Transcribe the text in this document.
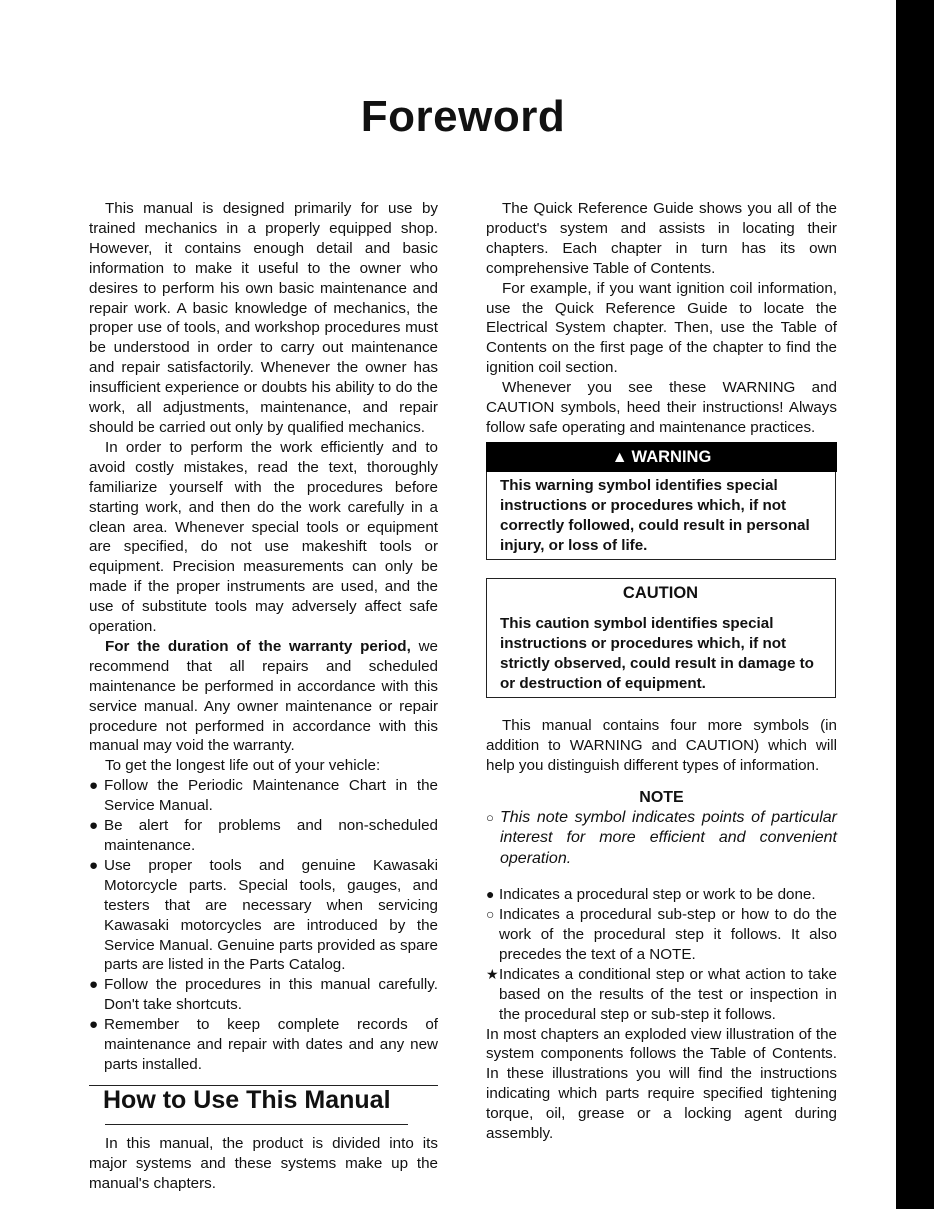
Foreword

This manual is designed primarily for use by trained mechanics in a properly equipped shop. However, it contains enough detail and basic information to make it useful to the owner who desires to perform his own basic maintenance and repair work. A basic knowledge of mechanics, the proper use of tools, and workshop procedures must be understood in order to carry out maintenance and repair satisfactorily. Whenever the owner has insufficient experience or doubts his ability to do the work, all adjustments, maintenance, and repair should be carried out only by qualified mechanics.

In order to perform the work efficiently and to avoid costly mistakes, read the text, thoroughly familiarize yourself with the procedures before starting work, and then do the work carefully in a clean area. Whenever special tools or equipment are specified, do not use makeshift tools or equipment. Precision measurements can only be made if the proper instruments are used, and the use of substitute tools may adversely affect safe operation.

For the duration of the warranty period, we recommend that all repairs and scheduled maintenance be performed in accordance with this service manual. Any owner maintenance or repair procedure not performed in accordance with this manual may void the warranty.

To get the longest life out of your vehicle:

● Follow the Periodic Maintenance Chart in the Service Manual.
● Be alert for problems and non-scheduled maintenance.
● Use proper tools and genuine Kawasaki Motorcycle parts. Special tools, gauges, and testers that are necessary when servicing Kawasaki motorcycles are introduced by the Service Manual. Genuine parts provided as spare parts are listed in the Parts Catalog.
● Follow the procedures in this manual carefully. Don't take shortcuts.
● Remember to keep complete records of maintenance and repair with dates and any new parts installed.
How to Use This Manual

In this manual, the product is divided into its major systems and these systems make up the manual's chapters.

The Quick Reference Guide shows you all of the product's system and assists in locating their chapters. Each chapter in turn has its own comprehensive Table of Contents.

For example, if you want ignition coil information, use the Quick Reference Guide to locate the Electrical System chapter. Then, use the Table of Contents on the first page of the chapter to find the ignition coil section.

Whenever you see these WARNING and CAUTION symbols, heed their instructions! Always follow safe operating and maintenance practices.

▲ WARNING
This warning symbol identifies special instructions or procedures which, if not correctly followed, could result in personal injury, or loss of life.
CAUTION
This caution symbol identifies special instructions or procedures which, if not strictly observed, could result in damage to or destruction of equipment.

This manual contains four more symbols (in addition to WARNING and CAUTION) which will help you distinguish different types of information.

NOTE
○ This note symbol indicates points of particular interest for more efficient and convenient operation.
● Indicates a procedural step or work to be done.
○ Indicates a procedural sub-step or how to do the work of the procedural step it follows. It also precedes the text of a NOTE.
★ Indicates a conditional step or what action to take based on the results of the test or inspection in the procedural step or sub-step it follows.

In most chapters an exploded view illustration of the system components follows the Table of Contents. In these illustrations you will find the instructions indicating which parts require specified tightening torque, oil, grease or a locking agent during assembly.
